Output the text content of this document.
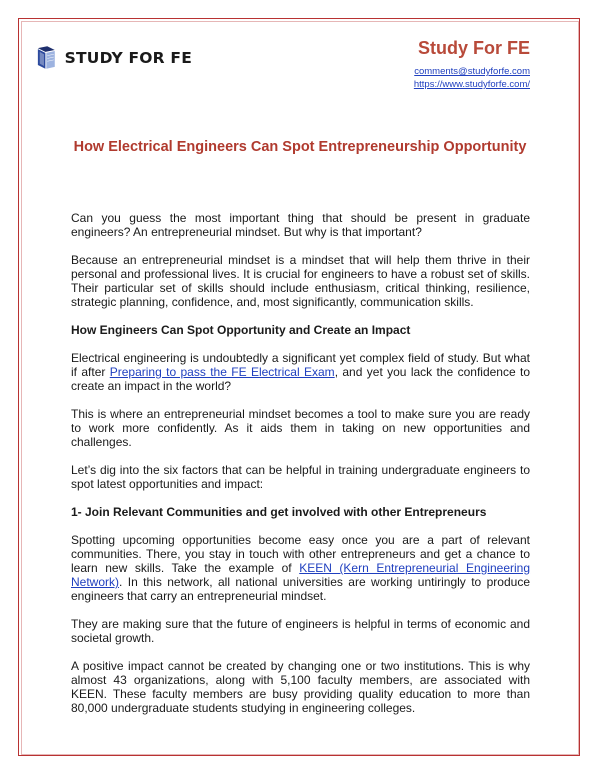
STUDY FOR FE	Study For FE
comments@studyforfe.com
https://www.studyforfe.com/
How Electrical Engineers Can Spot Entrepreneurship Opportunity

Can you guess the most important thing that should be present in graduate engineers? An entrepreneurial mindset. But why is that important?

Because an entrepreneurial mindset is a mindset that will help them thrive in their personal and professional lives. It is crucial for engineers to have a robust set of skills. Their particular set of skills should include enthusiasm, critical thinking, resilience, strategic planning, confidence, and, most significantly, communication skills.

How Engineers Can Spot Opportunity and Create an Impact

Electrical engineering is undoubtedly a significant yet complex field of study. But what if after Preparing to pass the FE Electrical Exam, and yet you lack the confidence to create an impact in the world?

This is where an entrepreneurial mindset becomes a tool to make sure you are ready to work more confidently. As it aids them in taking on new opportunities and challenges.

Let’s dig into the six factors that can be helpful in training undergraduate engineers to spot latest opportunities and impact:

1- Join Relevant Communities and get involved with other Entrepreneurs

Spotting upcoming opportunities become easy once you are a part of relevant communities. There, you stay in touch with other entrepreneurs and get a chance to learn new skills. Take the example of KEEN (Kern Entrepreneurial Engineering Network). In this network, all national universities are working untiringly to produce engineers that carry an entrepreneurial mindset.

They are making sure that the future of engineers is helpful in terms of economic and societal growth.

A positive impact cannot be created by changing one or two institutions. This is why almost 43 organizations, along with 5,100 faculty members, are associated with KEEN. These faculty members are busy providing quality education to more than 80,000 undergraduate students studying in engineering colleges.
